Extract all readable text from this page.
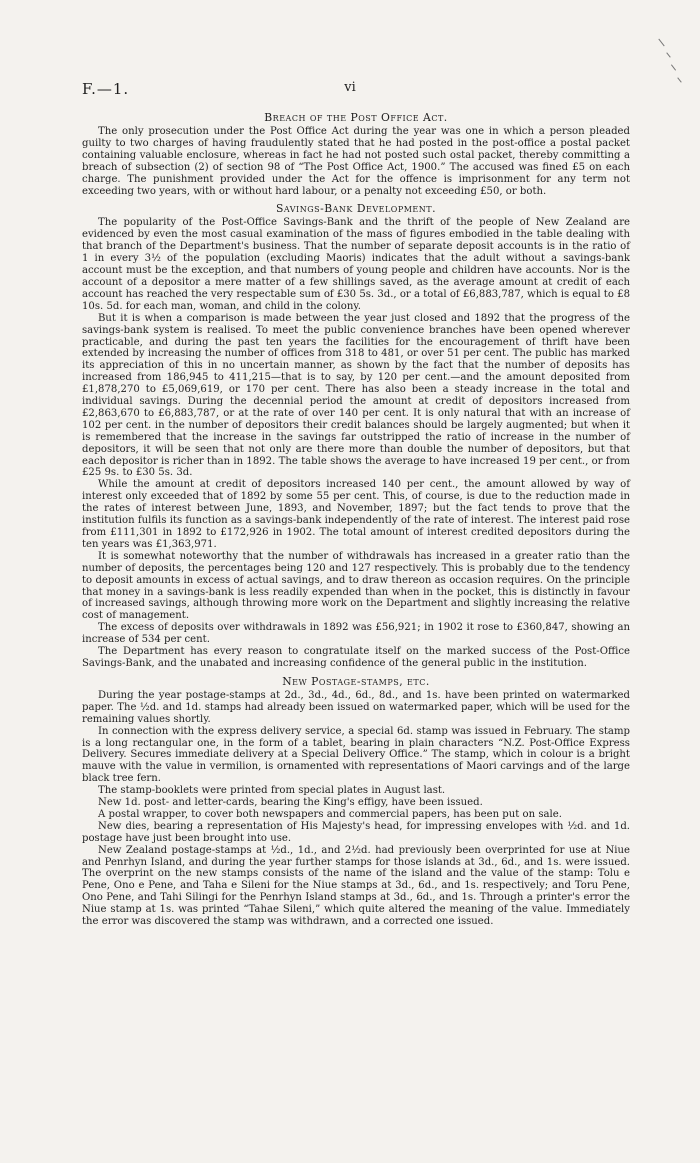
F.—1.	vi
Breach of the Post Office Act.

The only prosecution under the Post Office Act during the year was one in which a person pleaded guilty to two charges of having fraudulently stated that he had posted in the post-office a postal packet containing valuable enclosure, whereas in fact he had not posted such ostal packet, thereby committing a breach of subsection (2) of section 98 of “The Post Office Act, 1900.” The accused was fined £5 on each charge. The punishment provided under the Act for the offence is imprisonment for any term not exceeding two years, with or without hard labour, or a penalty not exceeding £50, or both.

Savings-Bank Development.

The popularity of the Post-Office Savings-Bank and the thrift of the people of New Zealand are evidenced by even the most casual examination of the mass of figures embodied in the table dealing with that branch of the Department's business. That the number of separate deposit accounts is in the ratio of 1 in every 3½ of the population (excluding Maoris) indicates that the adult without a savings-bank account must be the exception, and that numbers of young people and children have accounts. Nor is the account of a depositor a mere matter of a few shillings saved, as the average amount at credit of each account has reached the very respectable sum of £30 5s. 3d., or a total of £6,883,787, which is equal to £8 10s. 5d. for each man, woman, and child in the colony.

But it is when a comparison is made between the year just closed and 1892 that the progress of the savings-bank system is realised. To meet the public convenience branches have been opened wherever practicable, and during the past ten years the facilities for the encouragement of thrift have been extended by increasing the number of offices from 318 to 481, or over 51 per cent. The public has marked its appreciation of this in no uncertain manner, as shown by the fact that the number of deposits has increased from 186,945 to 411,215—that is to say, by 120 per cent.—and the amount deposited from £1,878,270 to £5,069,619, or 170 per cent. There has also been a steady increase in the total and individual savings. During the decennial period the amount at credit of depositors increased from £2,863,670 to £6,883,787, or at the rate of over 140 per cent. It is only natural that with an increase of 102 per cent. in the number of depositors their credit balances should be largely augmented; but when it is remembered that the increase in the savings far outstripped the ratio of increase in the number of depositors, it will be seen that not only are there more than double the number of depositors, but that each depositor is richer than in 1892. The table shows the average to have increased 19 per cent., or from £25 9s. to £30 5s. 3d.

While the amount at credit of depositors increased 140 per cent., the amount allowed by way of interest only exceeded that of 1892 by some 55 per cent. This, of course, is due to the reduction made in the rates of interest between June, 1893, and November, 1897; but the fact tends to prove that the institution fulfils its function as a savings-bank independently of the rate of interest. The interest paid rose from £111,301 in 1892 to £172,926 in 1902. The total amount of interest credited depositors during the ten years was £1,363,971.

It is somewhat noteworthy that the number of withdrawals has increased in a greater ratio than the number of deposits, the percentages being 120 and 127 respectively. This is probably due to the tendency to deposit amounts in excess of actual savings, and to draw thereon as occasion requires. On the principle that money in a savings-bank is less readily expended than when in the pocket, this is distinctly in favour of increased savings, although throwing more work on the Department and slightly increasing the relative cost of management.

The excess of deposits over withdrawals in 1892 was £56,921; in 1902 it rose to £360,847, showing an increase of 534 per cent.

The Department has every reason to congratulate itself on the marked success of the Post-Office Savings-Bank, and the unabated and increasing confidence of the general public in the institution.

New Postage-stamps, etc.

During the year postage-stamps at 2d., 3d., 4d., 6d., 8d., and 1s. have been printed on watermarked paper. The ½d. and 1d. stamps had already been issued on watermarked paper, which will be used for the remaining values shortly.

In connection with the express delivery service, a special 6d. stamp was issued in February. The stamp is a long rectangular one, in the form of a tablet, bearing in plain characters “N.Z. Post-Office Express Delivery. Secures immediate delivery at a Special Delivery Office.” The stamp, which in colour is a bright mauve with the value in vermilion, is ornamented with representations of Maori carvings and of the large black tree fern.

The stamp-booklets were printed from special plates in August last.

New 1d. post- and letter-cards, bearing the King's effigy, have been issued.

A postal wrapper, to cover both newspapers and commercial papers, has been put on sale.

New dies, bearing a representation of His Majesty's head, for impressing envelopes with ½d. and 1d. postage have just been brought into use.

New Zealand postage-stamps at ½d., 1d., and 2½d. had previously been overprinted for use at Niue and Penrhyn Island, and during the year further stamps for those islands at 3d., 6d., and 1s. were issued. The overprint on the new stamps consists of the name of the island and the value of the stamp: Tolu e Pene, Ono e Pene, and Taha e Sileni for the Niue stamps at 3d., 6d., and 1s. respectively; and Toru Pene, Ono Pene, and Tahi Silingi for the Penrhyn Island stamps at 3d., 6d., and 1s. Through a printer's error the Niue stamp at 1s. was printed “Tahae Sileni,” which quite altered the meaning of the value. Immediately the error was discovered the stamp was withdrawn, and a corrected one issued.
